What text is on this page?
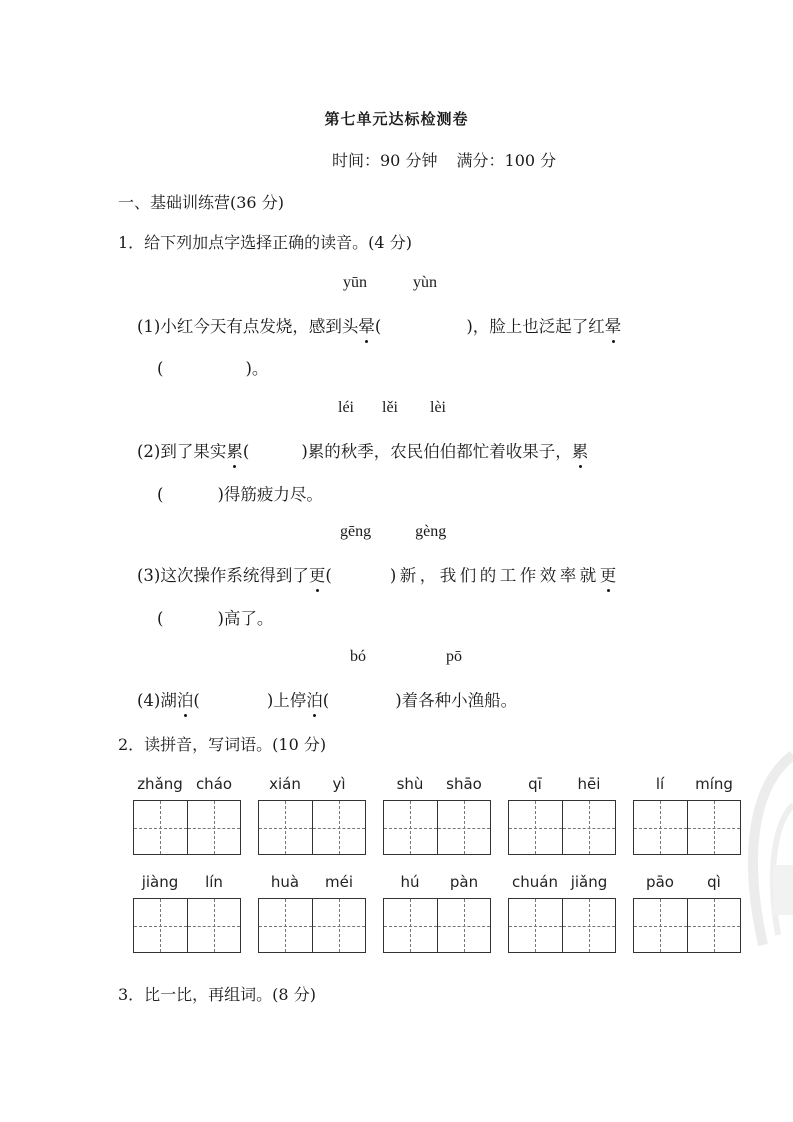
第七单元达标检测卷
时间：90 分钟 满分：100 分
一、基础训练营(36 分)
1．给下列加点字选择正确的读音。(4 分)
yūn	yùn
(1)小红今天有点发烧，感到头晕(	)，脸上也泛起了红晕
(	)。
léi lěi lèi
(2)到了果实累(	)累的秋季，农民伯伯都忙着收果子，累
(	)得筋疲力尽。
gēng	gèng
(3)这次操作系统得到了更(	)新，我们的工作效率就更
(	)高了。
bó	pō
(4)湖泊(	)上停泊(	)着各种小渔船。
2．读拼音，写词语。(10 分)
zhǎng cháo	xián	yì	shù	shāo	qī	hēi	lí	míng
jiàng	lín	huà	méi	hú	pàn	chuán jiǎng	pāo	qì
3．比一比，再组词。(8 分)
